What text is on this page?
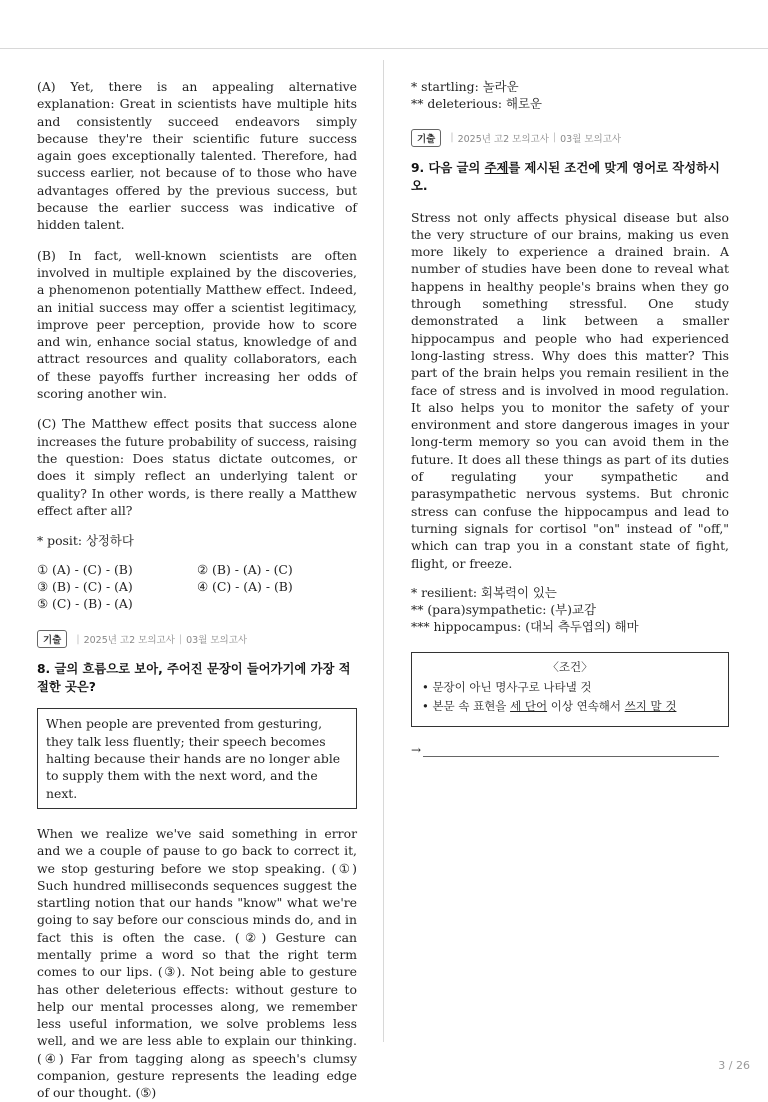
(A) Yet, there is an appealing alternative explanation: Great in scientists have multiple hits and consistently succeed endeavors simply because they're their scientific future success again goes exceptionally talented. Therefore, had success earlier, not because of to those who have advantages offered by the previous success, but because the earlier success was indicative of hidden talent.

(B) In fact, well-known scientists are often involved in multiple explained by the discoveries, a phenomenon potentially Matthew effect. Indeed, an initial success may offer a scientist legitimacy, improve peer perception, provide how to score and win, enhance social status, knowledge of and attract resources and quality collaborators, each of these payoffs further increasing her odds of scoring another win.

(C) The Matthew effect posits that success alone increases the future probability of success, raising the question: Does status dictate outcomes, or does it simply reflect an underlying talent or quality? In other words, is there really a Matthew effect after all?

* posit: 상정하다
① (A) - (C) - (B)	② (B) - (A) - (C)
③ (B) - (C) - (A)	④ (C) - (A) - (B)
⑤ (C) - (B) - (A)
기출	| 2025년 고2 모의고사 | 03월 모의고사
8. 글의 흐름으로 보아, 주어진 문장이 들어가기에 가장 적절한 곳은?

When people are prevented from gesturing, they talk less fluently; their speech becomes halting because their hands are no longer able to supply them with the next word, and the next.

When we realize we've said something in error and we a couple of pause to go back to correct it, we stop gesturing before we stop speaking. (①) Such hundred milliseconds sequences suggest the startling notion that our hands "know" what we're going to say before our conscious minds do, and in fact this is often the case. (②) Gesture can mentally prime a word so that the right term comes to our lips. (③). Not being able to gesture has other deleterious effects: without gesture to help our mental processes along, we remember less useful information, we solve problems less well, and we are less able to explain our thinking. (④) Far from tagging along as speech's clumsy companion, gesture represents the leading edge of our thought. (⑤)

* startling: 놀라운
** deleterious: 해로운
기출	| 2025년 고2 모의고사 | 03월 모의고사
9. 다음 글의 주제를 제시된 조건에 맞게 영어로 작성하시오.

Stress not only affects physical disease but also the very structure of our brains, making us even more likely to experience a drained brain. A number of studies have been done to reveal what happens in healthy people's brains when they go through something stressful. One study demonstrated a link between a smaller hippocampus and people who had experienced long-lasting stress. Why does this matter? This part of the brain helps you remain resilient in the face of stress and is involved in mood regulation. It also helps you to monitor the safety of your environment and store dangerous images in your long-term memory so you can avoid them in the future. It does all these things as part of its duties of regulating your sympathetic and parasympathetic nervous systems. But chronic stress can confuse the hippocampus and lead to turning signals for cortisol "on" instead of "off," which can trap you in a constant state of fight, flight, or freeze.

* resilient: 회복력이 있는
** (para)sympathetic: (부)교감
*** hippocampus: (대뇌 측두엽의) 해마
〈조건〉
• 문장이 아닌 명사구로 나타낼 것
• 본문 속 표현을 세 단어 이상 연속해서 쓰지 말 것
→
3 / 26
